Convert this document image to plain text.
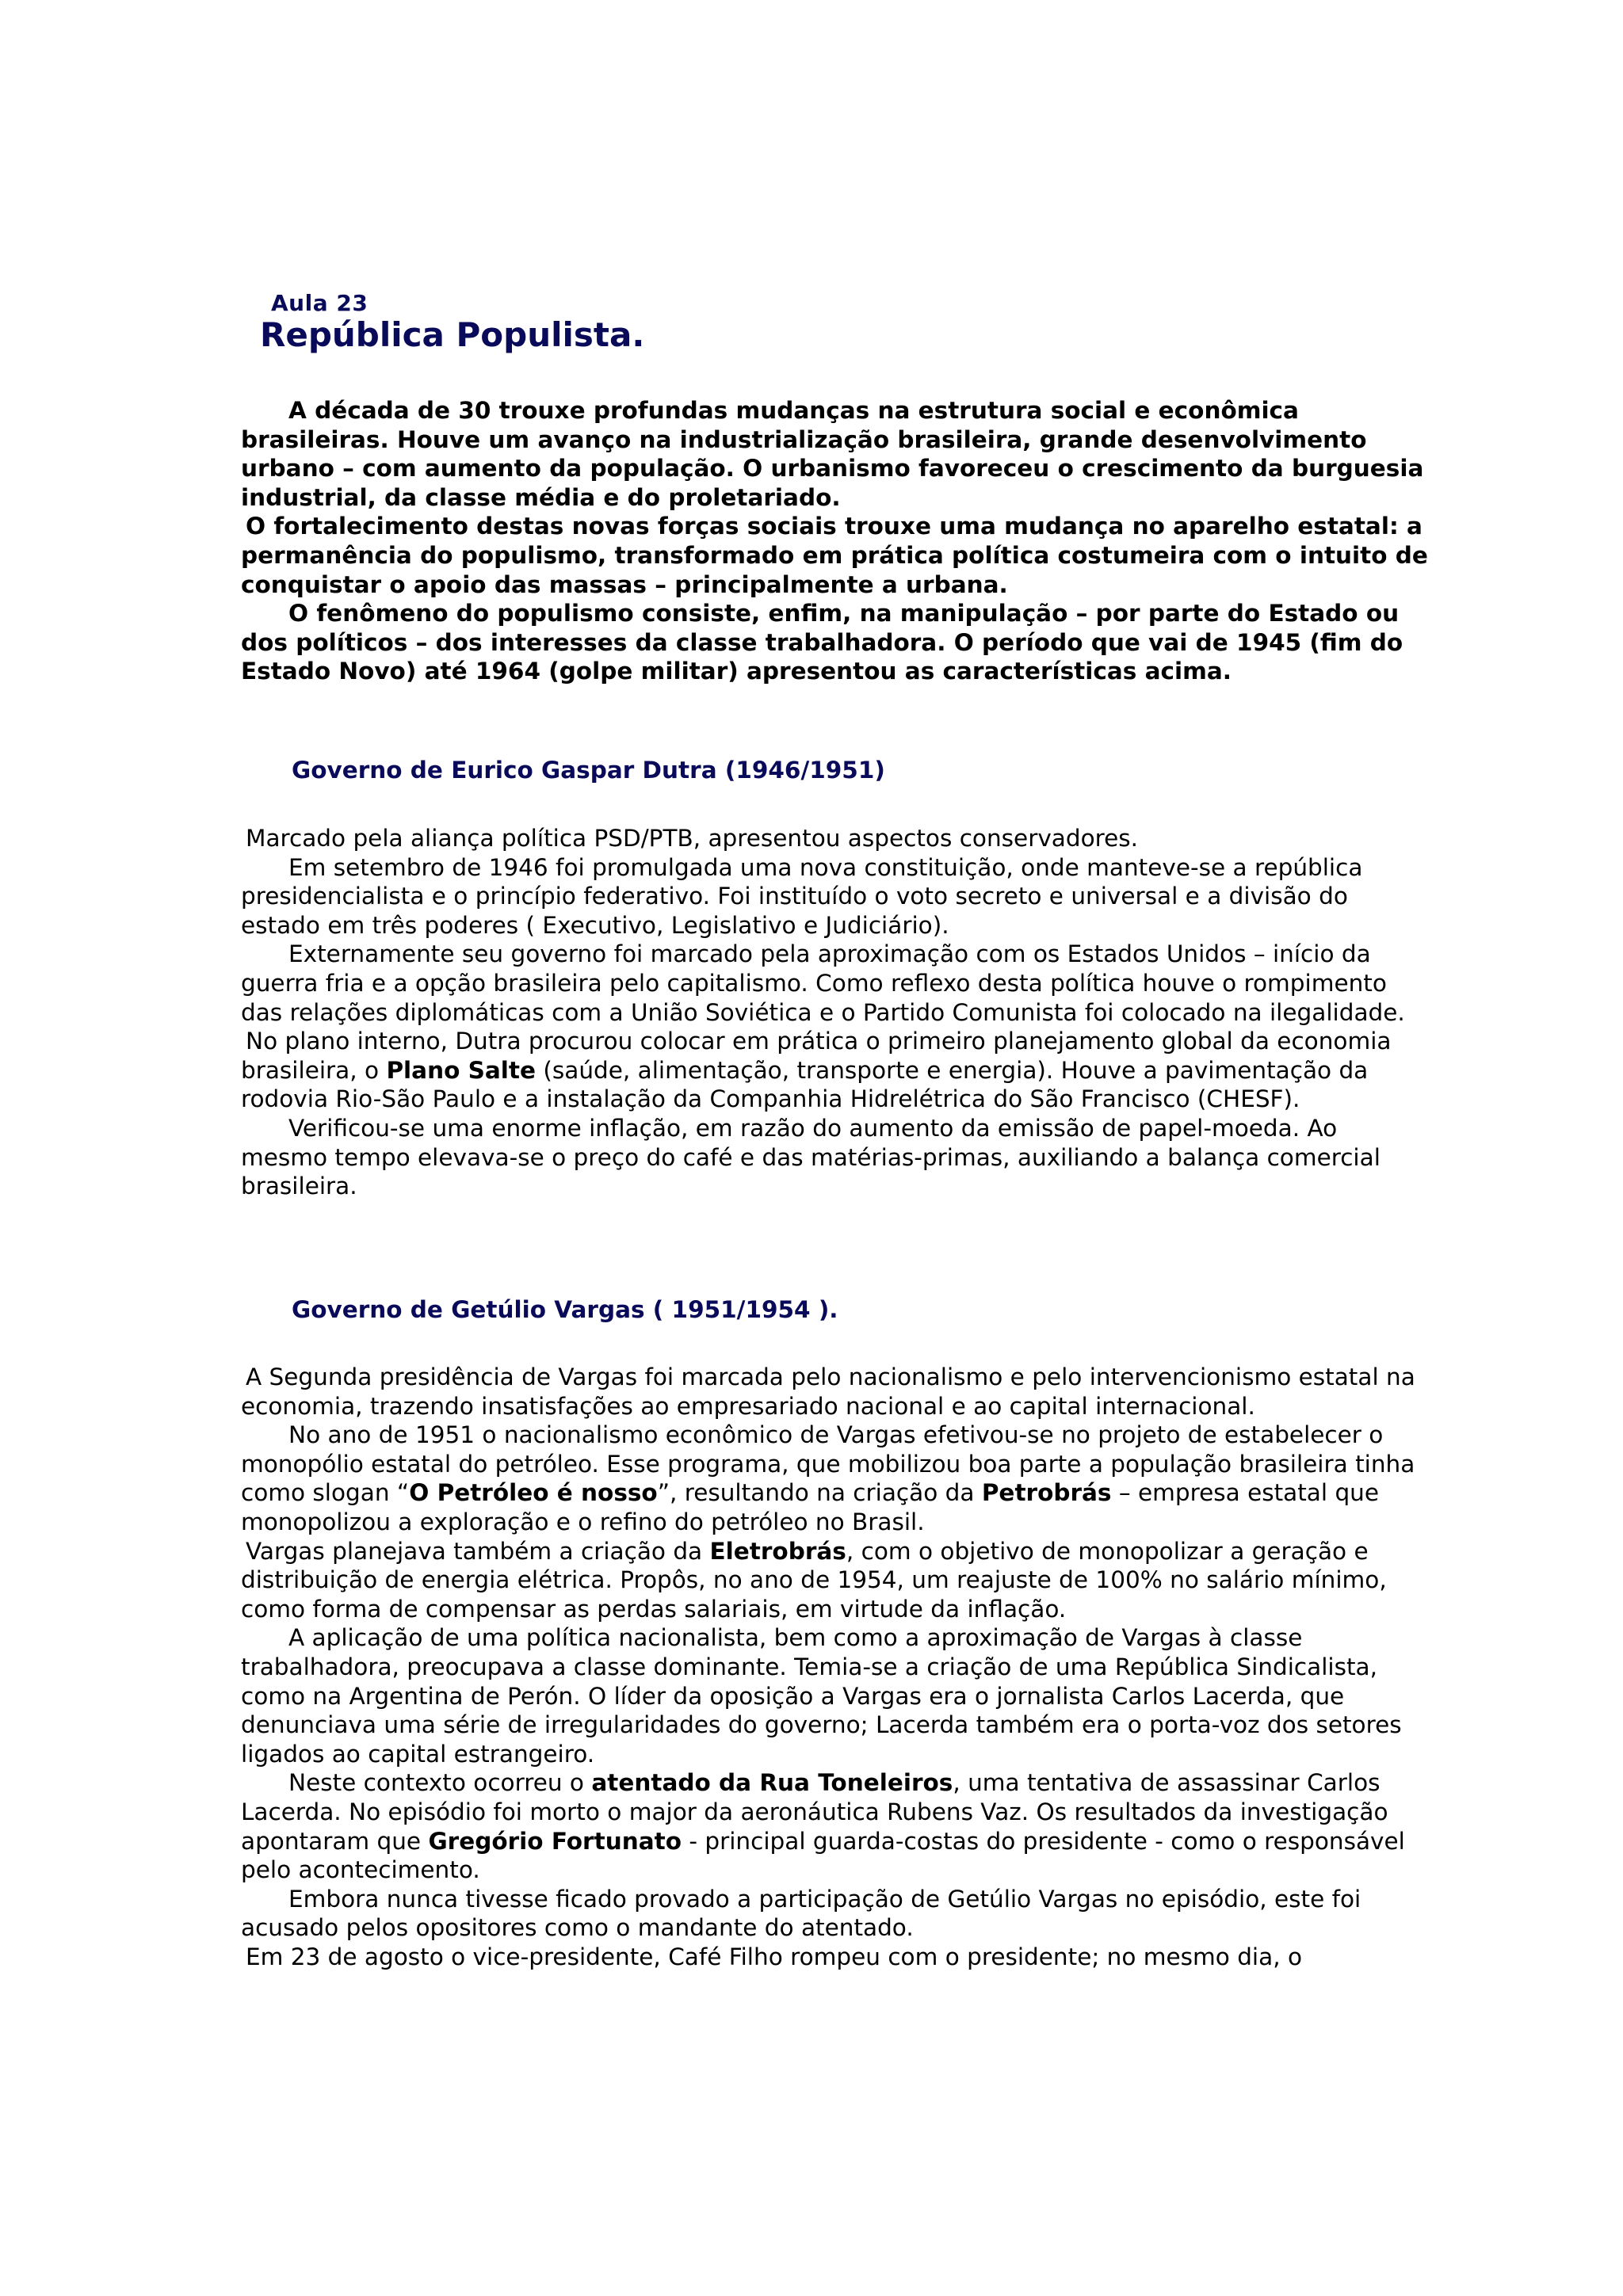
Aula 23
República Populista.

A década de 30 trouxe profundas mudanças na estrutura social e econômica brasileiras. Houve um avanço na industrialização brasileira, grande desenvolvimento urbano – com aumento da população. O urbanismo favoreceu o crescimento da burguesia industrial, da classe média e do proletariado.

O fortalecimento destas novas forças sociais trouxe uma mudança no aparelho estatal: a permanência do populismo, transformado em prática política costumeira com o intuito de conquistar o apoio das massas – principalmente a urbana.

O fenômeno do populismo consiste, enfim, na manipulação – por parte do Estado ou dos políticos – dos interesses da classe trabalhadora. O período que vai de 1945 (fim do Estado Novo) até 1964 (golpe militar) apresentou as características acima.

Governo de Eurico Gaspar Dutra (1946/1951)

Marcado pela aliança política PSD/PTB, apresentou aspectos conservadores.

Em setembro de 1946 foi promulgada uma nova constituição, onde manteve-se a república presidencialista e o princípio federativo. Foi instituído o voto secreto e universal e a divisão do estado em três poderes ( Executivo, Legislativo e Judiciário).

Externamente seu governo foi marcado pela aproximação com os Estados Unidos – início da guerra fria e a opção brasileira pelo capitalismo. Como reflexo desta política houve o rompimento das relações diplomáticas com a União Soviética e o Partido Comunista foi colocado na ilegalidade.

No plano interno, Dutra procurou colocar em prática o primeiro planejamento global da economia brasileira, o Plano Salte (saúde, alimentação, transporte e energia). Houve a pavimentação da rodovia Rio-São Paulo e a instalação da Companhia Hidrelétrica do São Francisco (CHESF).

Verificou-se uma enorme inflação, em razão do aumento da emissão de papel-moeda. Ao mesmo tempo elevava-se o preço do café e das matérias-primas, auxiliando a balança comercial brasileira.

Governo de Getúlio Vargas ( 1951/1954 ).

A Segunda presidência de Vargas foi marcada pelo nacionalismo e pelo intervencionismo estatal na economia, trazendo insatisfações ao empresariado nacional e ao capital internacional.

No ano de 1951 o nacionalismo econômico de Vargas efetivou-se no projeto de estabelecer o monopólio estatal do petróleo. Esse programa, que mobilizou boa parte a população brasileira tinha como slogan “O Petróleo é nosso”, resultando na criação da Petrobrás – empresa estatal que monopolizou a exploração e o refino do petróleo no Brasil.

Vargas planejava também a criação da Eletrobrás, com o objetivo de monopolizar a geração e distribuição de energia elétrica. Propôs, no ano de 1954, um reajuste de 100% no salário mínimo, como forma de compensar as perdas salariais, em virtude da inflação.

A aplicação de uma política nacionalista, bem como a aproximação de Vargas à classe trabalhadora, preocupava a classe dominante. Temia-se a criação de uma República Sindicalista, como na Argentina de Perón. O líder da oposição a Vargas era o jornalista Carlos Lacerda, que denunciava uma série de irregularidades do governo; Lacerda também era o porta-voz dos setores ligados ao capital estrangeiro.

Neste contexto ocorreu o atentado da Rua Toneleiros, uma tentativa de assassinar Carlos Lacerda. No episódio foi morto o major da aeronáutica Rubens Vaz. Os resultados da investigação apontaram que Gregório Fortunato - principal guarda-costas do presidente - como o responsável pelo acontecimento.

Embora nunca tivesse ficado provado a participação de Getúlio Vargas no episódio, este foi acusado pelos opositores como o mandante do atentado.

Em 23 de agosto o vice-presidente, Café Filho rompeu com o presidente; no mesmo dia, o
